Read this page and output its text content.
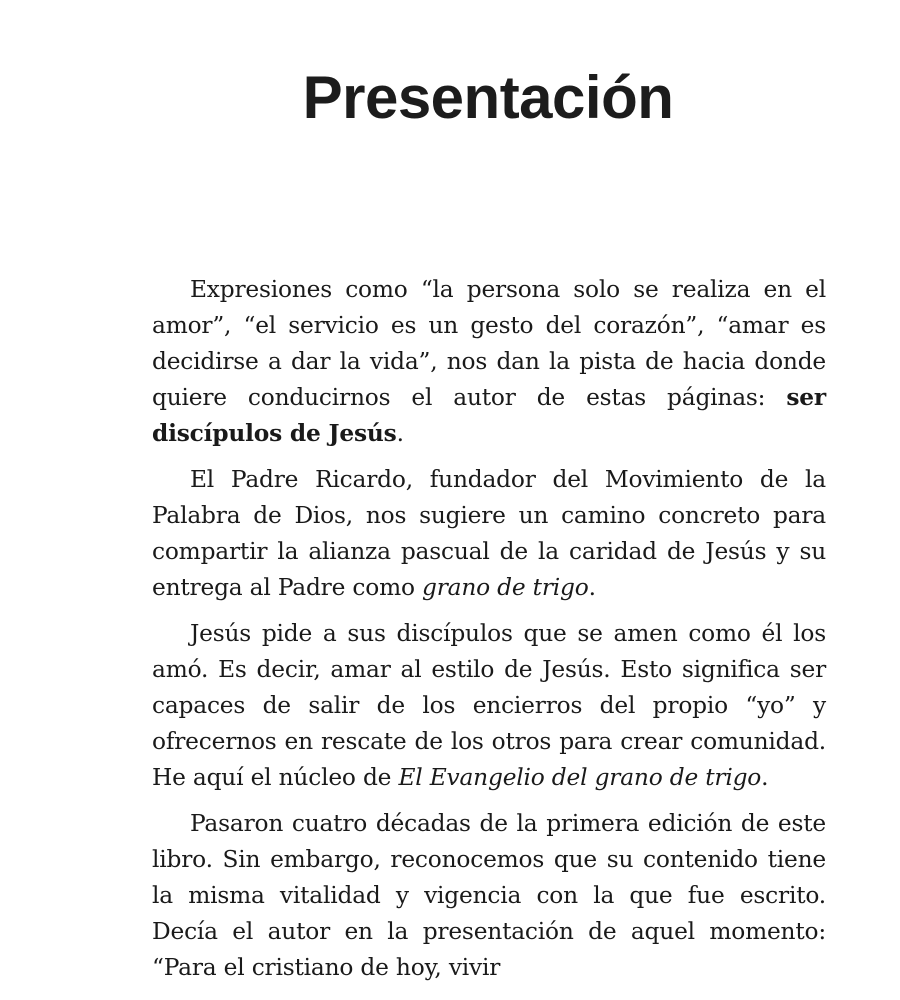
Presentación

Expresiones como “la persona solo se realiza en el amor”, “el servicio es un gesto del corazón”, “amar es decidirse a dar la vida”, nos dan la pista de hacia donde quiere conducirnos el autor de estas páginas: ser discípulos de Jesús.

El Padre Ricardo, fundador del Movimiento de la Palabra de Dios, nos sugiere un camino concreto para compartir la alianza pascual de la caridad de Jesús y su entrega al Padre como grano de trigo.

Jesús pide a sus discípulos que se amen como él los amó. Es decir, amar al estilo de Jesús. Esto significa ser capaces de salir de los encierros del propio “yo” y ofrecernos en rescate de los otros para crear comunidad. He aquí el núcleo de El Evangelio del grano de trigo.

Pasaron cuatro décadas de la primera edición de este libro. Sin embargo, reconocemos que su contenido tiene la misma vitalidad y vigencia con la que fue escrito. Decía el autor en la presentación de aquel momento: “Para el cristiano de hoy, vivir
